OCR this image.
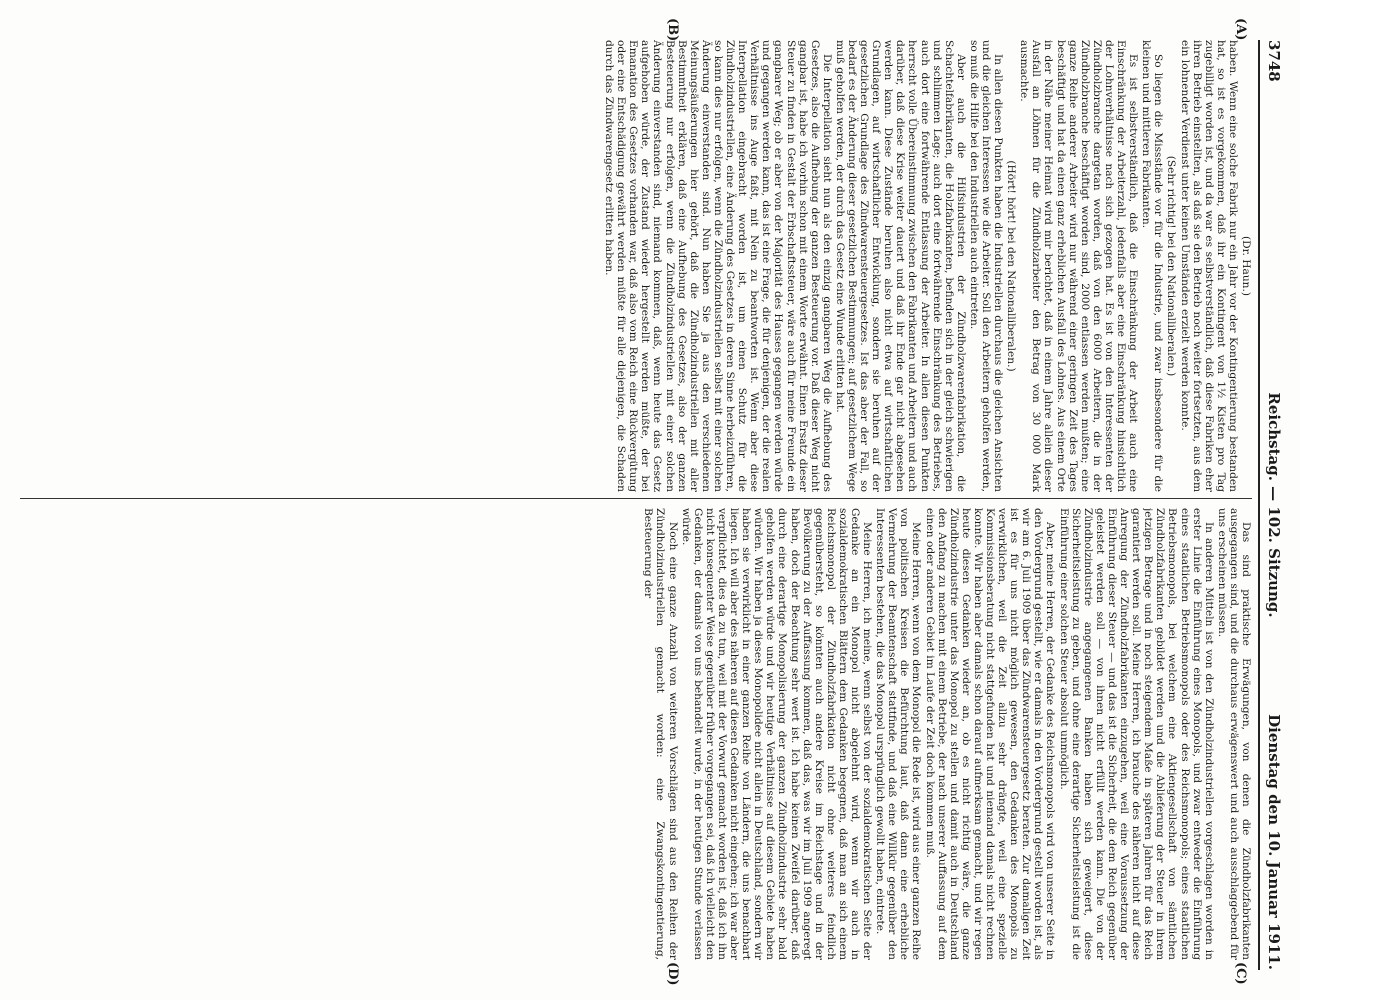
3748
Reichstag. — 102. Sitzung.
Dienstag den 10. Januar 1911.
(A)
(B)
(C)
(D)

(Dr. Haun.)

haben. Wenn eine solche Fabrik nur ein Jahr vor der Kontingentierung bestanden hat, so ist es vorgekommen, daß ihr ein Kontingent von 1½ Kisten pro Tag zugebilligt worden ist, und da war es selbstverständlich, daß diese Fabriken eher ihren Betrieb einstellten, als daß sie den Betrieb noch weiter fortsetzten, aus dem ein lohnender Verdienst unter keinen Umständen erzielt werden konnte.

(Sehr richtig! bei den Nationalliberalen.)

So liegen die Missstände vor für die Industrie, und zwar insbesondere für die kleinen und mittleren Fabrikanten.

Es ist selbstverständlich, daß die Einschränkung der Arbeit auch eine Einschränkung der Arbeiterzahl, jedenfalls aber eine Einschränkung hinsichtlich der Lohnverhältnisse nach sich gezogen hat. Es ist von den Interessenten der Zündholzbranche dargetan worden, daß von den 6000 Arbeitern, die in der Zündholzbranche beschäftigt worden sind, 2000 entlassen werden mußten; eine ganze Reihe anderer Arbeiter wird nur während einer geringen Zeit des Tages beschäftigt und hat da einen ganz erheblichen Ausfall des Lohnes. Aus einem Orte in der Nähe meiner Heimat wird mir berichtet, daß in einem Jahre allein dieser Ausfall an Löhnen für die Zündholzarbeiter den Betrag von 30 000 Mark ausmachte.

(Hört! hört! bei den Nationalliberalen.)

In allen diesen Punkten haben die Industriellen durchaus die gleichen Ansichten und die gleichen Interessen wie die Arbeiter. Soll den Arbeitern geholfen werden, so muß die Hilfe bei den Industriellen auch eintreten.

Aber auch die Hilfsindustrien der Zündholzwarenfabrikation, die Schachtelfabrikanten, die Holzfabrikanten, befinden sich in der gleich schwierigen und schlimmen Lage; auch dort eine fortwährende Einschränkung des Betriebes, auch dort eine fortwährende Entlassung der Arbeiter. In allen diesen Punkten herrscht volle Übereinstimmung zwischen den Fabrikanten und Arbeitern und auch darüber, daß diese Krise weiter dauert und daß ihr Ende gar nicht abgesehen werden kann. Diese Zustände beruhen also nicht etwa auf wirtschaftlichen Grundlagen, auf wirtschaftlicher Entwicklung, sondern sie beruhen auf der gesetzlichen Grundlage des Zündwarensteuergesetzes. Ist das aber der Fall, so bedarf es der Änderung dieser gesetzlichen Bestimmungen; auf gesetzlichem Wege muß geholfen werden, der durch das Gesetz eine Wunde erlitten hat.

Die Interpellation sieht nun als den einzig gangbaren Weg die Aufhebung des Gesetzes, also die Aufhebung der ganzen Besteuerung vor. Daß dieser Weg nicht gangbar ist, habe ich vorhin schon mit einem Worte erwähnt. Einen Ersatz dieser Steuer zu finden in Gestalt der Erbschaftssteuer, wäre auch für meine Freunde ein gangbarer Weg; ob er aber von der Majorität des Hauses gegangen werden würde und gegangen werden kann, das ist eine Frage, die für denjenigen, der die realen Verhältnisse ins Auge faßt, mit Nein zu beantworten ist. Wenn aber diese Interpellation eingebracht worden ist, um einen Schutz für die Zündholzindustriellen, eine Änderung des Gesetzes in deren Sinne herbeizuführen, so kann dies nur erfolgen, wenn die Zündholzindustriellen selbst mit einer solchen Änderung einverstanden sind. Nun haben Sie ja aus den verschiedenen Meinungsäußerungen hier gehört, daß die Zündholzindustriellen mit aller Bestimmtheit erklären, daß eine Aufhebung des Gesetzes, also der ganzen Besteuerung nur erfolgen, wenn die Zündholzindustriellen mit einer solchen Änderung einverstanden sind, niemand kommen, daß, wenn heute das Gesetz aufgehoben würde, der Zustand wieder hergestellt werden müßte, der bei Emanation des Gesetzes vorhanden war, daß also vom Reich eine Rückvergütung oder eine Entschädigung gewährt werden müßte für alle diejenigen, die Schaden durch das Zündwarengesetz erlitten haben.

Das sind praktische Erwägungen, von denen die Zündholzfabrikanten ausgegangen sind, und die durchaus erwägenswert und auch ausschlaggebend für uns erscheinen müssen.

In anderen Mitteln ist von den Zündholzindustriellen vorgeschlagen worden in erster Linie die Einführung eines Monopols, und zwar entweder die Einführung eines staatlichen Betriebsmonopols oder des Reichsmonopols; eines staatlichen Betriebsmonopols, bei welchem eine Aktiengesellschaft von sämtlichen Zündholzfabrikanten gebildet werden und die Ablieferung der Steuer in ihrem jetzigen Betrage und in noch steigendem Maße in späteren Jahren für das Reich garantiert werden soll. Meine Herren, ich brauche des näheren nicht auf diese Anregung der Zündholzfabrikanten einzugehen, weil eine Voraussetzung der Einführung dieser Steuer — und das ist die Sicherheit, die dem Reich gegenüber geleistet werden soll — von ihnen nicht erfüllt werden kann. Die von der Zündholzindustrie angegangenen Banken haben sich geweigert, diese Sicherheitsleistung zu geben, und ohne eine derartige Sicherheitsleistung ist die Einführung einer solchen Steuer absolut unmöglich.

Aber, meine Herren, der Gedanke des Reichsmonopols wird von unserer Seite in den Vordergrund gestellt, wie er damals in den Vordergrund gestellt worden ist, als wir am 6. Juli 1909 über das Zündwarensteuergesetz beraten. Zur damaligen Zeit ist es für uns nicht möglich gewesen, den Gedanken des Monopols zu verwirklichen, weil die Zeit allzu sehr drängte, weil eine spezielle Kommissionsberatung nicht stattgefunden hat und niemand damals nicht rechnen konnte. Wir haben aber damals schon darauf aufmerksam gemacht, und wir regen heute diesen Gedanken wieder an, ob es nicht richtig wäre, die ganze Zündholzindustrie unter das Monopol zu stellen und damit auch in Deutschland den Anfang zu machen mit einem Betriebe, der nach unserer Auffassung auf dem einen oder anderen Gebiet im Laufe der Zeit doch kommen muß.

Meine Herren, wenn von dem Monopol die Rede ist, wird aus einer ganzen Reihe von politischen Kreisen die Befürchtung laut, daß dann eine erhebliche Vermehrung der Beamtenschaft stattfinde, und daß eine Willkür gegenüber den Interessenten bestehen, die das Monopol ursprünglich gewollt haben, eintrete.

Meine Herren, ich meine, wenn selbst von der sozialdemokratischen Seite der Gedanke an ein Monopol nicht abgelehnt wird, wenn wir auch in sozialdemokratischen Blättern dem Gedanken begegnen, daß man an sich einem Reichsmonopol der Zündholzfabrikation nicht ohne weiteres feindlich gegenübersteht, so könnten auch andere Kreise im Reichstage und in der Bevölkerung zu der Auffassung kommen, daß das, was wir im Juli 1909 angeregt haben, doch der Beachtung sehr wert ist. Ich habe keinen Zweifel darüber, daß durch eine derartige Monopolisierung der ganzen Zündholzindustrie sehr bald geholfen werden würde und wir heutige Verhältnisse auf diesem Gebiete haben würden. Wir haben ja dieses Monopolidee nicht allein in Deutschland, sondern wir haben sie verwirklicht in einer ganzen Reihe von Ländern, die uns benachbart liegen. Ich will aber des näheren auf diesen Gedanken nicht eingehen; ich war aber verpflichtet, dies da zu tun, weil mit der Vorwurf gemacht worden ist, daß ich ihn nicht konsequenter Weise gegenüber früher vorgegangen sei, daß ich vielleicht den Gedanken, der damals von uns behandelt wurde, in der heutigen Stunde verlassen würde.

Noch eine ganze Anzahl von weiteren Vorschlägen sind aus den Reihen der Zündholzindustriellen gemacht worden: eine Zwangskontingentierung, Besteuerung der
